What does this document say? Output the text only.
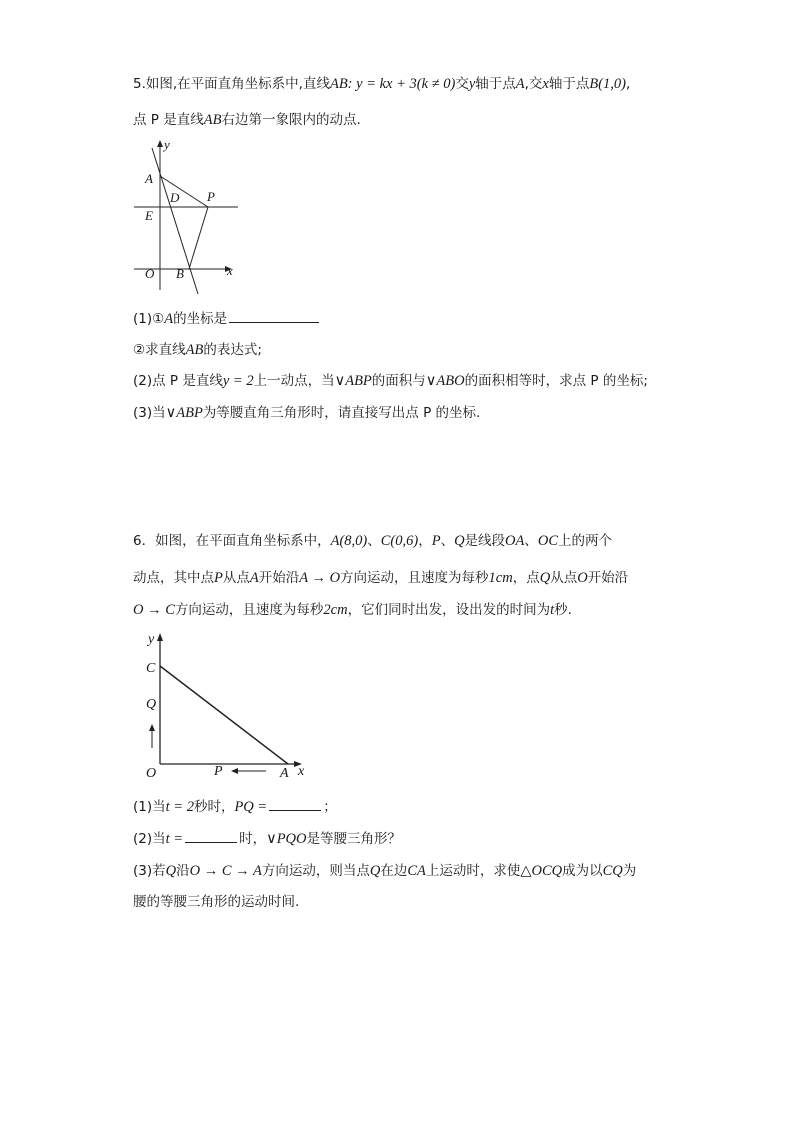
5.如图,在平面直角坐标系中,直线AB: y = kx + 3(k ≠ 0)交y轴于点A,交x轴于点B(1,0),
点 P 是直线AB右边第一象限内的动点.
y
A
D P
E
O B	x
(1)①A的坐标是
②求直线AB的表达式;
(2)点 P 是直线y = 2上一动点，当∨ABP的面积与∨ABO的面积相等时，求点 P 的坐标;
(3)当∨ABP为等腰直角三角形时，请直接写出点 P 的坐标.
6．如图，在平面直角坐标系中，A(8,0)、C(0,6)，P、Q是线段OA、OC上的两个
动点，其中点P从点A开始沿A → O方向运动，且速度为每秒1cm，点Q从点O开始沿
O → C方向运动，且速度为每秒2cm，它们同时出发，设出发的时间为t秒.
y
C
Q
O	P	A x
(1)当t = 2秒时，PQ =	；
(2)当t =	时，∨PQO是等腰三角形？
(3)若Q沿O → C → A方向运动，则当点Q在边CA上运动时，求使△OCQ成为以CQ为
腰的等腰三角形的运动时间.
